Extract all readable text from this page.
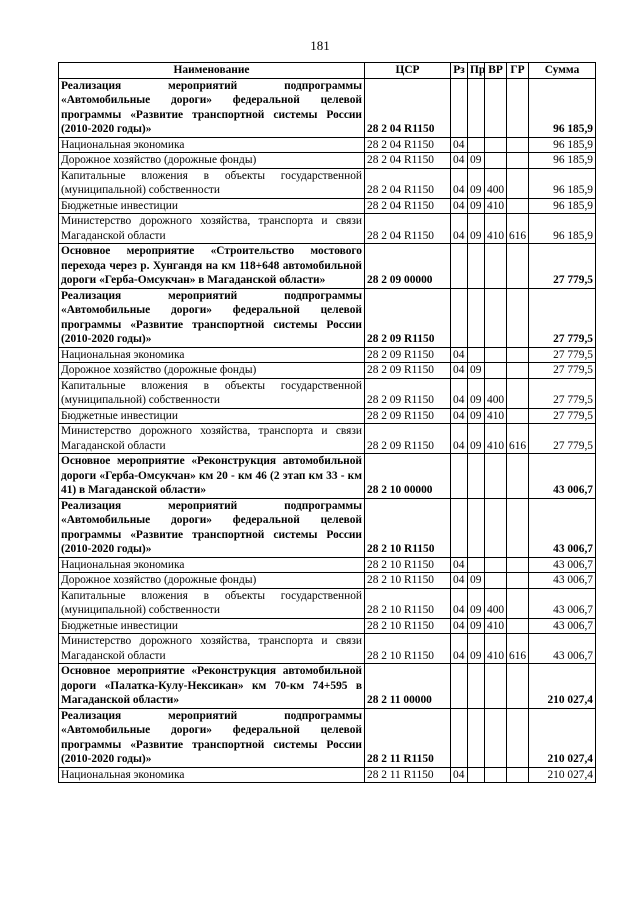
181
Наименование	ЦСР	Рз	Пр	ВР	ГР	Сумма
Реализация мероприятий подпрограммы «Автомобильные дороги» федеральной целевой программы «Развитие транспортной системы России (2010-2020 годы)»	28 2 04 R1150					96 185,9
Национальная экономика	28 2 04 R1150	04				96 185,9
Дорожное хозяйство (дорожные фонды)	28 2 04 R1150	04	09			96 185,9
Капитальные вложения в объекты государственной (муниципальной) собственности	28 2 04 R1150	04	09	400		96 185,9
Бюджетные инвестиции	28 2 04 R1150	04	09	410		96 185,9
Министерство дорожного хозяйства, транспорта и связи Магаданской области	28 2 04 R1150	04	09	410	616	96 185,9
Основное мероприятие «Строительство мостового перехода через р. Хунгандя на км 118+648 автомобильной дороги «Герба-Омсукчан» в Магаданской области»	28 2 09 00000					27 779,5
Реализация мероприятий подпрограммы «Автомобильные дороги» федеральной целевой программы «Развитие транспортной системы России (2010-2020 годы)»	28 2 09 R1150					27 779,5
Национальная экономика	28 2 09 R1150	04				27 779,5
Дорожное хозяйство (дорожные фонды)	28 2 09 R1150	04	09			27 779,5
Капитальные вложения в объекты государственной (муниципальной) собственности	28 2 09 R1150	04	09	400		27 779,5
Бюджетные инвестиции	28 2 09 R1150	04	09	410		27 779,5
Министерство дорожного хозяйства, транспорта и связи Магаданской области	28 2 09 R1150	04	09	410	616	27 779,5
Основное мероприятие «Реконструкция автомобильной дороги «Герба-Омсукчан» км 20 - км 46 (2 этап км 33 - км 41) в Магаданской области»	28 2 10 00000					43 006,7
Реализация мероприятий подпрограммы «Автомобильные дороги» федеральной целевой программы «Развитие транспортной системы России (2010-2020 годы)»	28 2 10 R1150					43 006,7
Национальная экономика	28 2 10 R1150	04				43 006,7
Дорожное хозяйство (дорожные фонды)	28 2 10 R1150	04	09			43 006,7
Капитальные вложения в объекты государственной (муниципальной) собственности	28 2 10 R1150	04	09	400		43 006,7
Бюджетные инвестиции	28 2 10 R1150	04	09	410		43 006,7
Министерство дорожного хозяйства, транспорта и связи Магаданской области	28 2 10 R1150	04	09	410	616	43 006,7
Основное мероприятие «Реконструкция автомобильной дороги «Палатка-Кулу-Нексикан» км 70-км 74+595 в Магаданской области»	28 2 11 00000					210 027,4
Реализация мероприятий подпрограммы «Автомобильные дороги» федеральной целевой программы «Развитие транспортной системы России (2010-2020 годы)»	28 2 11 R1150					210 027,4
Национальная экономика	28 2 11 R1150	04				210 027,4
